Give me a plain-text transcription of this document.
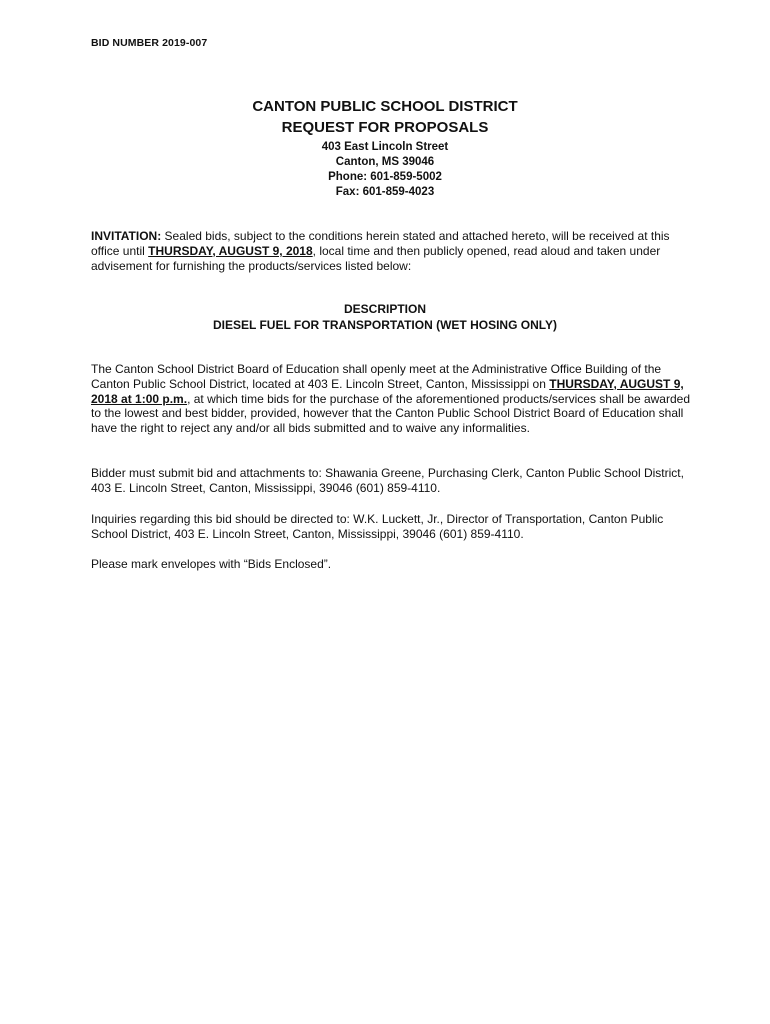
BID NUMBER 2019-007
CANTON PUBLIC SCHOOL DISTRICT
REQUEST FOR PROPOSALS
403 East Lincoln Street
Canton, MS 39046
Phone: 601-859-5002
Fax: 601-859-4023
INVITATION: Sealed bids, subject to the conditions herein stated and attached hereto, will be received at this office until THURSDAY, AUGUST 9, 2018, local time and then publicly opened, read aloud and taken under advisement for furnishing the products/services listed below:
DESCRIPTION
DIESEL FUEL FOR TRANSPORTATION (WET HOSING ONLY)
The Canton School District Board of Education shall openly meet at the Administrative Office Building of the Canton Public School District, located at 403 E. Lincoln Street, Canton, Mississippi on THURSDAY, AUGUST 9, 2018 at 1:00 p.m., at which time bids for the purchase of the aforementioned products/services shall be awarded to the lowest and best bidder, provided, however that the Canton Public School District Board of Education shall have the right to reject any and/or all bids submitted and to waive any informalities.
Bidder must submit bid and attachments to: Shawania Greene, Purchasing Clerk, Canton Public School District, 403 E. Lincoln Street, Canton, Mississippi, 39046 (601) 859-4110.
Inquiries regarding this bid should be directed to: W.K. Luckett, Jr., Director of Transportation, Canton Public School District, 403 E. Lincoln Street, Canton, Mississippi, 39046 (601) 859-4110.
Please mark envelopes with “Bids Enclosed”.
